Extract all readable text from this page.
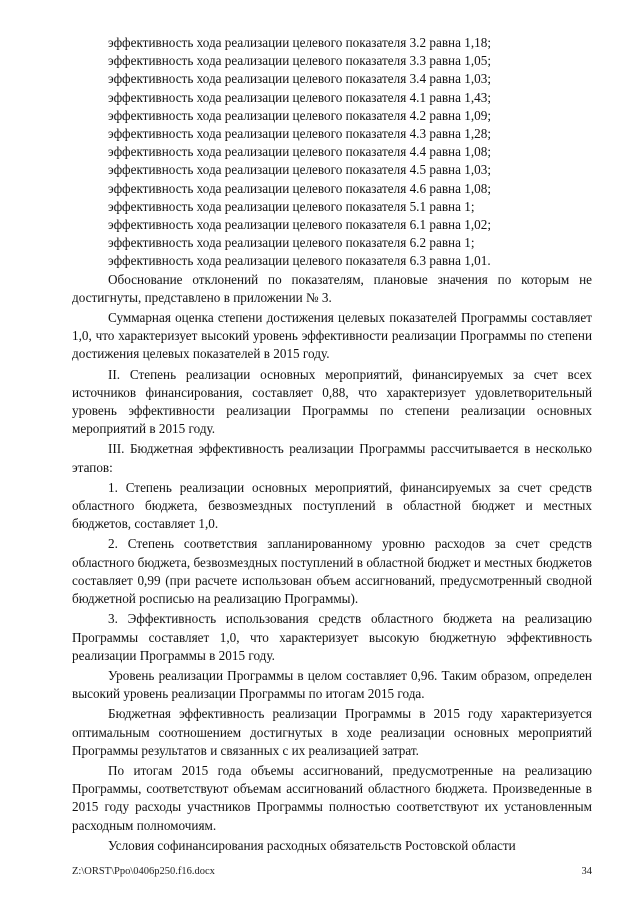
эффективность хода реализации целевого показателя 3.2 равна 1,18;
эффективность хода реализации целевого показателя 3.3 равна 1,05;
эффективность хода реализации целевого показателя 3.4 равна 1,03;
эффективность хода реализации целевого показателя 4.1 равна 1,43;
эффективность хода реализации целевого показателя 4.2 равна 1,09;
эффективность хода реализации целевого показателя 4.3 равна 1,28;
эффективность хода реализации целевого показателя 4.4 равна 1,08;
эффективность хода реализации целевого показателя 4.5 равна 1,03;
эффективность хода реализации целевого показателя 4.6 равна 1,08;
эффективность хода реализации целевого показателя 5.1 равна 1;
эффективность хода реализации целевого показателя 6.1 равна 1,02;
эффективность хода реализации целевого показателя 6.2 равна 1;
эффективность хода реализации целевого показателя 6.3 равна 1,01.

Обоснование отклонений по показателям, плановые значения по которым не достигнуты, представлено в приложении № 3.

Суммарная оценка степени достижения целевых показателей Программы составляет 1,0, что характеризует высокий уровень эффективности реализации Программы по степени достижения целевых показателей в 2015 году.

II. Степень реализации основных мероприятий, финансируемых за счет всех источников финансирования, составляет 0,88, что характеризует удовлетворительный уровень эффективности реализации Программы по степени реализации основных мероприятий в 2015 году.

III. Бюджетная эффективность реализации Программы рассчитывается в несколько этапов:

1. Степень реализации основных мероприятий, финансируемых за счет средств областного бюджета, безвозмездных поступлений в областной бюджет и местных бюджетов, составляет 1,0.

2. Степень соответствия запланированному уровню расходов за счет средств областного бюджета, безвозмездных поступлений в областной бюджет и местных бюджетов составляет 0,99 (при расчете использован объем ассигнований, предусмотренный сводной бюджетной росписью на реализацию Программы).

3. Эффективность использования средств областного бюджета на реализацию Программы составляет 1,0, что характеризует высокую бюджетную эффективность реализации Программы в 2015 году.

Уровень реализации Программы в целом составляет 0,96. Таким образом, определен высокий уровень реализации Программы по итогам 2015 года.

Бюджетная эффективность реализации Программы в 2015 году характеризуется оптимальным соотношением достигнутых в ходе реализации основных мероприятий Программы результатов и связанных с их реализацией затрат.

По итогам 2015 года объемы ассигнований, предусмотренные на реализацию Программы, соответствуют объемам ассигнований областного бюджета. Произведенные в 2015 году расходы участников Программы полностью соответствуют их установленным расходным полномочиям.

Условия софинансирования расходных обязательств Ростовской области

Z:\ORST\Ppo\0406p250.f16.docx	34
